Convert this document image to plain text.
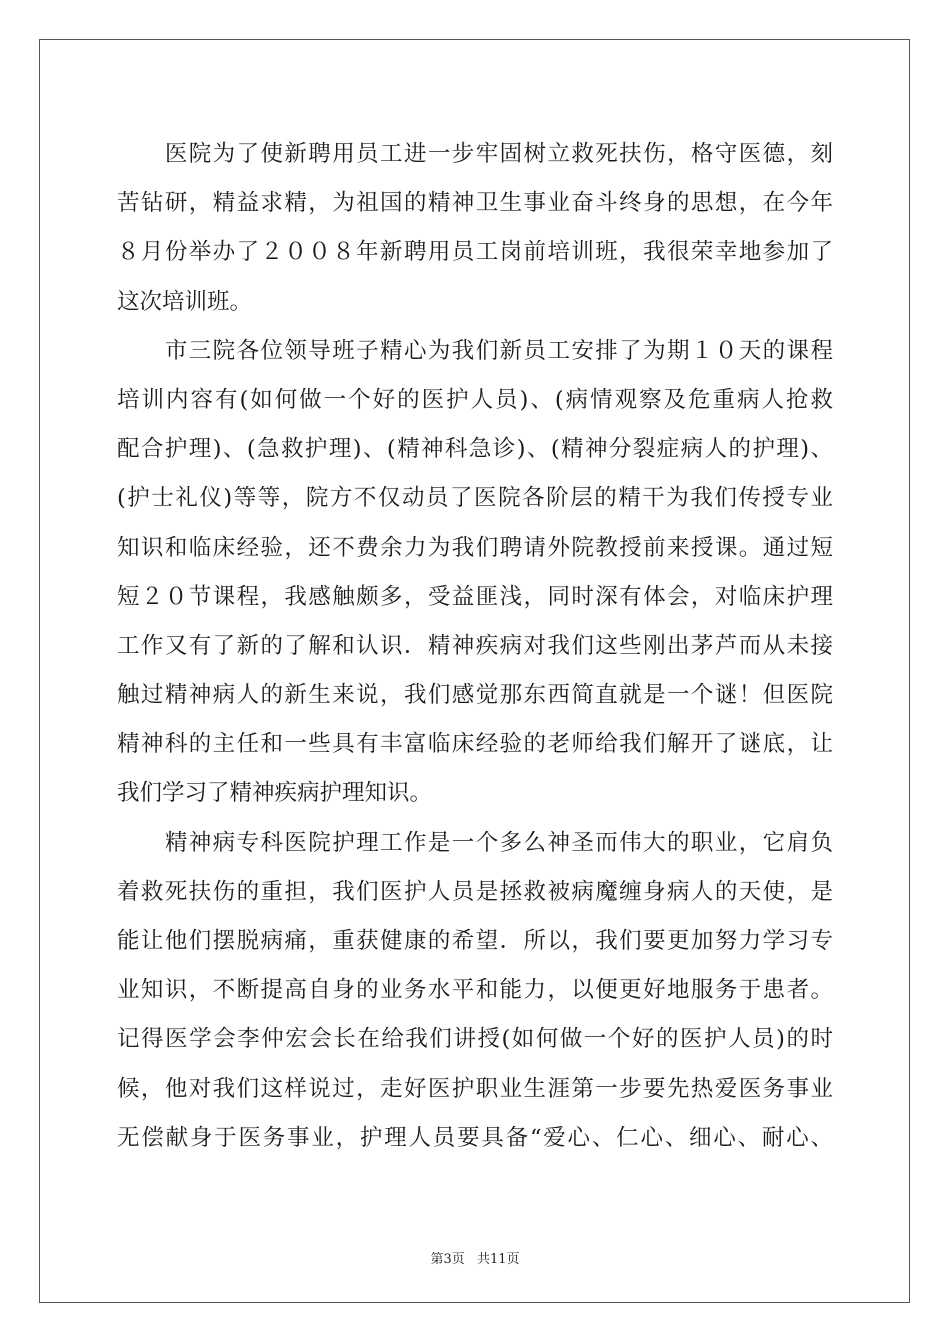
　　医院为了使新聘用员工进一步牢固树立救死扶伤，格守医德，刻
苦钻研，精益求精，为祖国的精神卫生事业奋斗终身的思想，在今年
８月份举办了２００８年新聘用员工岗前培训班，我很荣幸地参加了
这次培训班。
　　市三院各位领导班子精心为我们新员工安排了为期１０天的课程
培训内容有(如何做一个好的医护人员)、(病情观察及危重病人抢救
配合护理)、(急救护理)、(精神科急诊)、(精神分裂症病人的护理)、
(护士礼仪)等等，院方不仅动员了医院各阶层的精干为我们传授专业
知识和临床经验，还不费余力为我们聘请外院教授前来授课。通过短
短２０节课程，我感触颇多，受益匪浅，同时深有体会，对临床护理
工作又有了新的了解和认识．精神疾病对我们这些刚出茅芦而从未接
触过精神病人的新生来说，我们感觉那东西简直就是一个谜！但医院
精神科的主任和一些具有丰富临床经验的老师给我们解开了谜底，让
我们学习了精神疾病护理知识。
　　精神病专科医院护理工作是一个多么神圣而伟大的职业，它肩负
着救死扶伤的重担，我们医护人员是拯救被病魔缠身病人的天使，是
能让他们摆脱病痛，重获健康的希望．所以，我们要更加努力学习专
业知识，不断提高自身的业务水平和能力，以便更好地服务于患者。
记得医学会李仲宏会长在给我们讲授(如何做一个好的医护人员)的时
候，他对我们这样说过，走好医护职业生涯第一步要先热爱医务事业
无偿献身于医务事业，护理人员要具备“爱心、仁心、细心、耐心、
第3页 共11页
